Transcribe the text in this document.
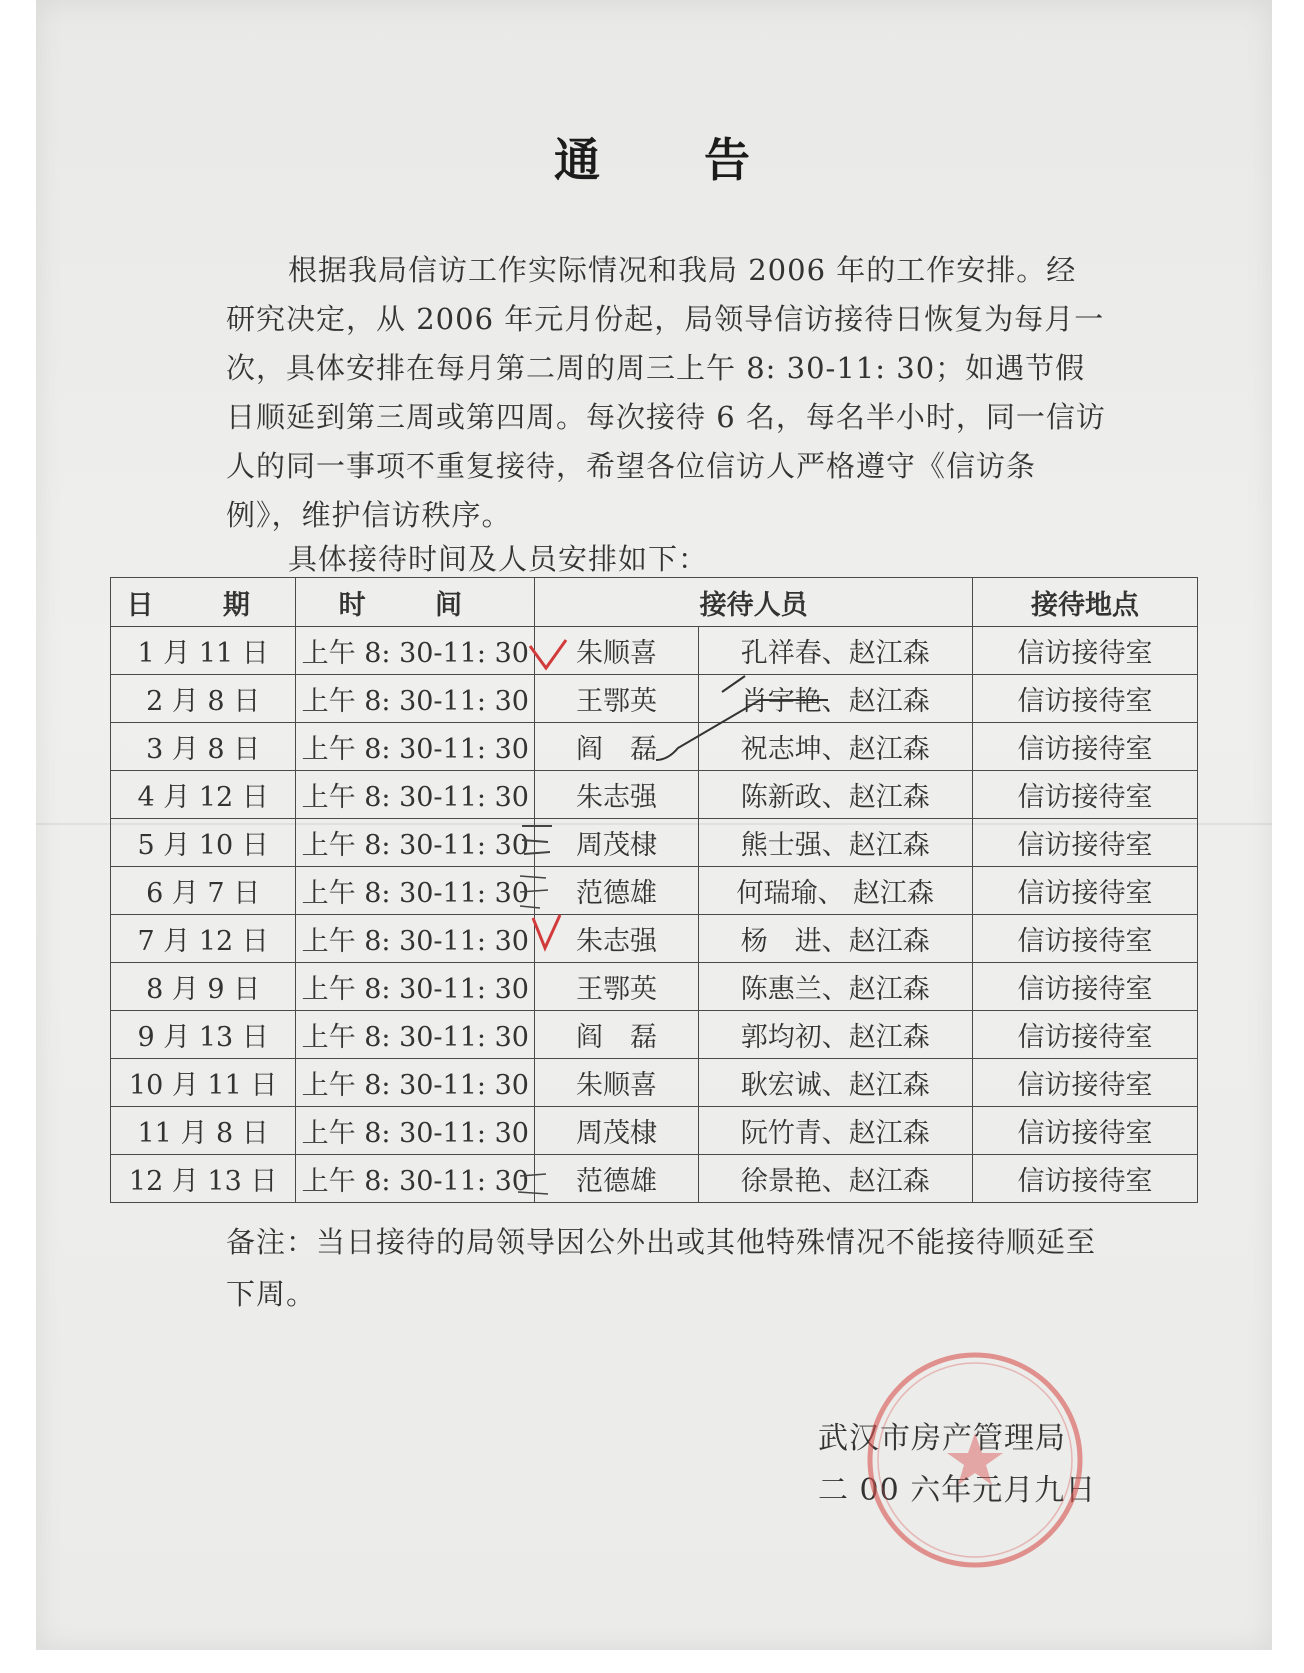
通 告
根据我局信访工作实际情况和我局 2006 年的工作安排。经研究决定，从 2006 年元月份起，局领导信访接待日恢复为每月一次，具体安排在每月第二周的周三上午 8: 30-11: 30；如遇节假日顺延到第三周或第四周。每次接待 6 名，每名半小时，同一信访人的同一事项不重复接待，希望各位信访人严格遵守《信访条例》，维护信访秩序。
具体接待时间及人员安排如下：
日 期	时 间	接待人员		接待地点
1 月 11 日	上午 8: 30-11: 30	朱顺喜	孔祥春、赵江森	信访接待室
2 月 8 日	上午 8: 30-11: 30	王鄂英	肖宇艳、赵江森	信访接待室
3 月 8 日	上午 8: 30-11: 30	阎　磊	祝志坤、赵江森	信访接待室
4 月 12 日	上午 8: 30-11: 30	朱志强	陈新政、赵江森	信访接待室
5 月 10 日	上午 8: 30-11: 30	周茂棣	熊士强、赵江森	信访接待室
6 月 7 日	上午 8: 30-11: 30	范德雄	何瑞瑜、 赵江森	信访接待室
7 月 12 日	上午 8: 30-11: 30	朱志强	杨　进、赵江森	信访接待室
8 月 9 日	上午 8: 30-11: 30	王鄂英	陈惠兰、赵江森	信访接待室
9 月 13 日	上午 8: 30-11: 30	阎　磊	郭均初、赵江森	信访接待室
10 月 11 日	上午 8: 30-11: 30	朱顺喜	耿宏诚、赵江森	信访接待室
11 月 8 日	上午 8: 30-11: 30	周茂棣	阮竹青、赵江森	信访接待室
12 月 13 日	上午 8: 30-11: 30	范德雄	徐景艳、赵江森	信访接待室
备注：当日接待的局领导因公外出或其他特殊情况不能接待顺延至下周。
武汉市房产管理局
二 00 六年元月九日
